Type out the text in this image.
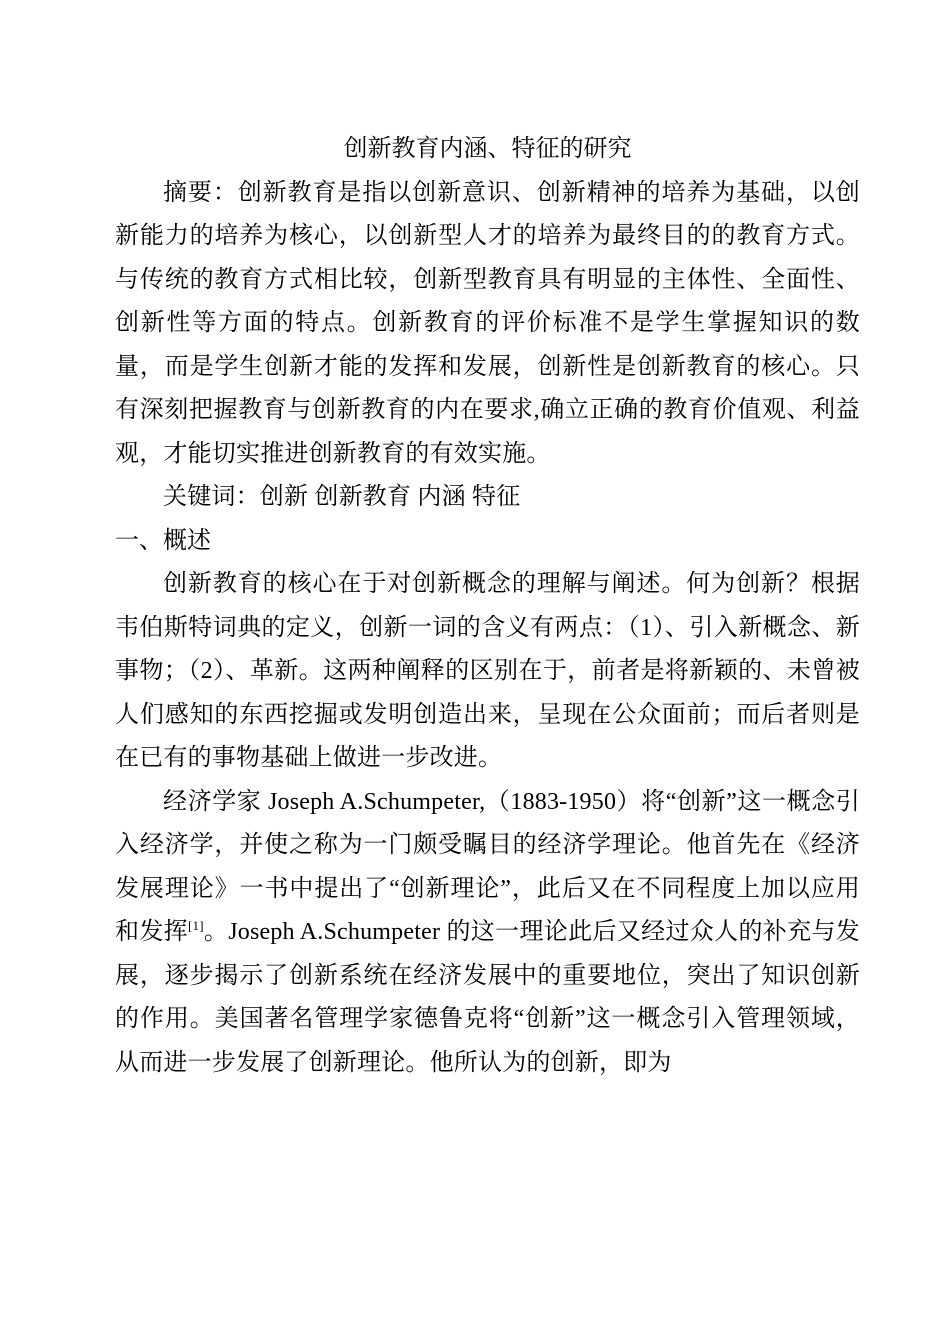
创新教育内涵、特征的研究

摘要：创新教育是指以创新意识、创新精神的培养为基础，以创新能力的培养为核心，以创新型人才的培养为最终目的的教育方式。与传统的教育方式相比较，创新型教育具有明显的主体性、全面性、创新性等方面的特点。创新教育的评价标准不是学生掌握知识的数量，而是学生创新才能的发挥和发展，创新性是创新教育的核心。只有深刻把握教育与创新教育的内在要求,确立正确的教育价值观、利益观，才能切实推进创新教育的有效实施。

关键词：创新 创新教育 内涵 特征

一、概述

创新教育的核心在于对创新概念的理解与阐述。何为创新？根据韦伯斯特词典的定义，创新一词的含义有两点：（1）、引入新概念、新事物；（2）、革新。这两种阐释的区别在于，前者是将新颖的、未曾被人们感知的东西挖掘或发明创造出来，呈现在公众面前；而后者则是在已有的事物基础上做进一步改进。

经济学家 Joseph A.Schumpeter,（1883-1950）将“创新”这一概念引入经济学，并使之称为一门颇受瞩目的经济学理论。他首先在《经济发展理论》一书中提出了“创新理论”，此后又在不同程度上加以应用和发挥[1]。Joseph A.Schumpeter 的这一理论此后又经过众人的补充与发展，逐步揭示了创新系统在经济发展中的重要地位，突出了知识创新的作用。美国著名管理学家德鲁克将“创新”这一概念引入管理领域，从而进一步发展了创新理论。他所认为的创新，即为
